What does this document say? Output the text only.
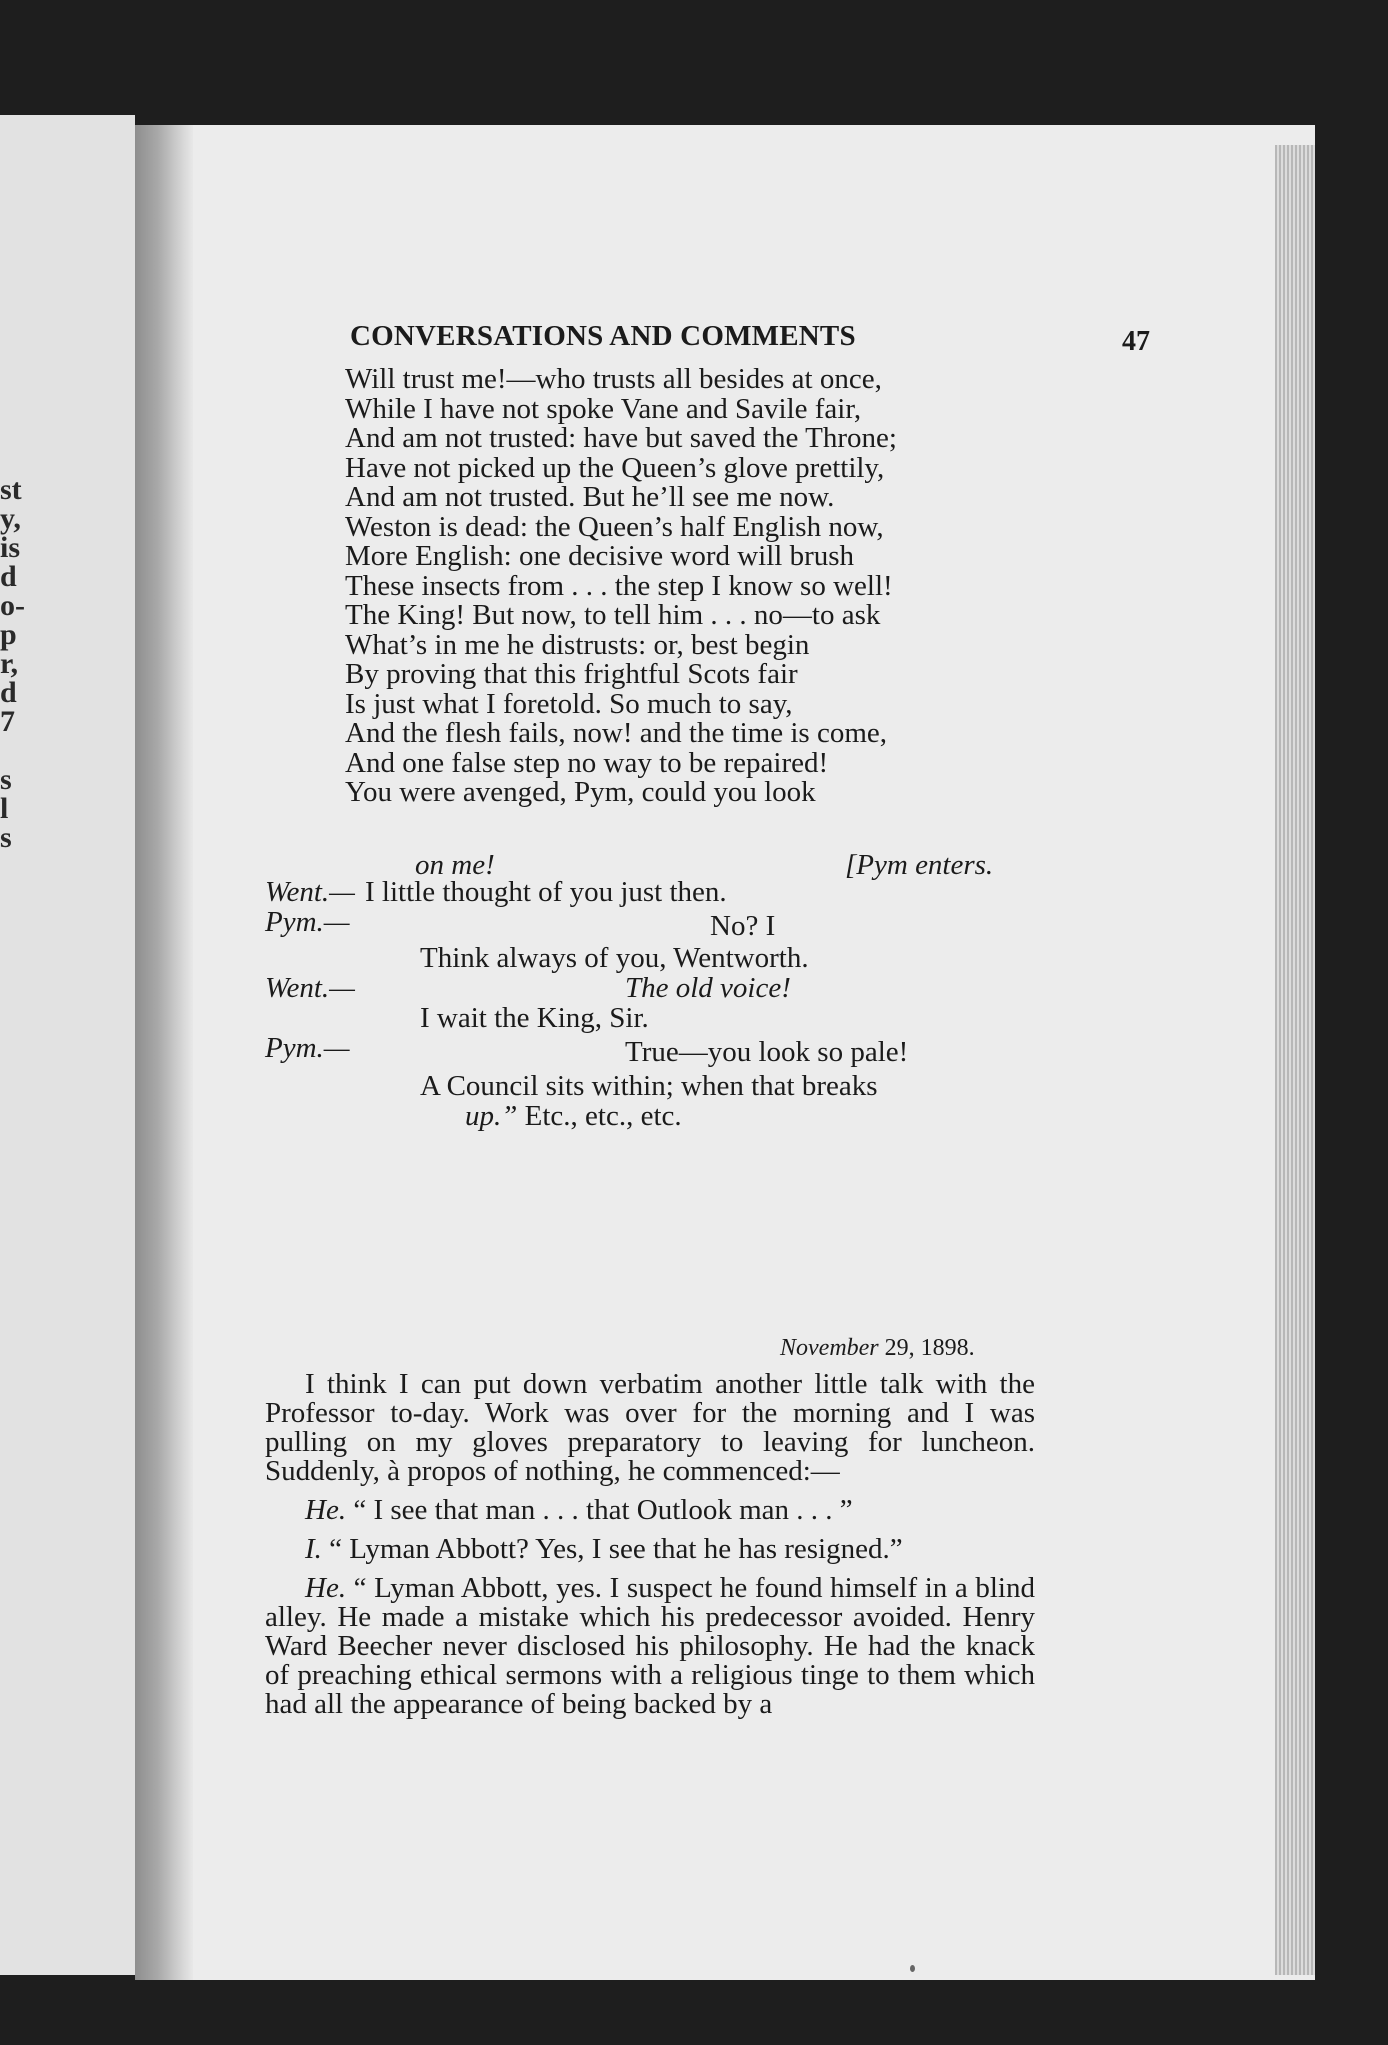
st
y,
is
d
o-
p
r,
d
7

s
l
s
CONVERSATIONS AND COMMENTS	47
Will trust me!—who trusts all besides at once,
While I have not spoke Vane and Savile fair,
And am not trusted: have but saved the Throne;
Have not picked up the Queen’s glove prettily,
And am not trusted. But he’ll see me now.
Weston is dead: the Queen’s half English now,
More English: one decisive word will brush
These insects from . . . the step I know so well!
The King! But now, to tell him . . . no—to ask
What’s in me he distrusts: or, best begin
By proving that this frightful Scots fair
Is just what I foretold. So much to say,
And the flesh fails, now! and the time is come,
And one false step no way to be repaired!
You were avenged, Pym, could you look
on me!	[Pym enters.
Went.— I little thought of you just then.
Pym.—	No? I
Think always of you, Wentworth.
Went.—	The old voice!
I wait the King, Sir.
Pym.—	True—you look so pale!
A Council sits within; when that breaks
up.” Etc., etc., etc.
November 29, 1898.

I think I can put down verbatim another little talk with the Professor to-day. Work was over for the morning and I was pulling on my gloves preparatory to leaving for luncheon. Suddenly, à propos of nothing, he commenced:—

He. “ I see that man . . . that Outlook man . . . ”

I. “ Lyman Abbott? Yes, I see that he has resigned.”

He. “ Lyman Abbott, yes. I suspect he found himself in a blind alley. He made a mistake which his predecessor avoided. Henry Ward Beecher never disclosed his philosophy. He had the knack of preaching ethical sermons with a religious tinge to them which had all the appearance of being backed by a
